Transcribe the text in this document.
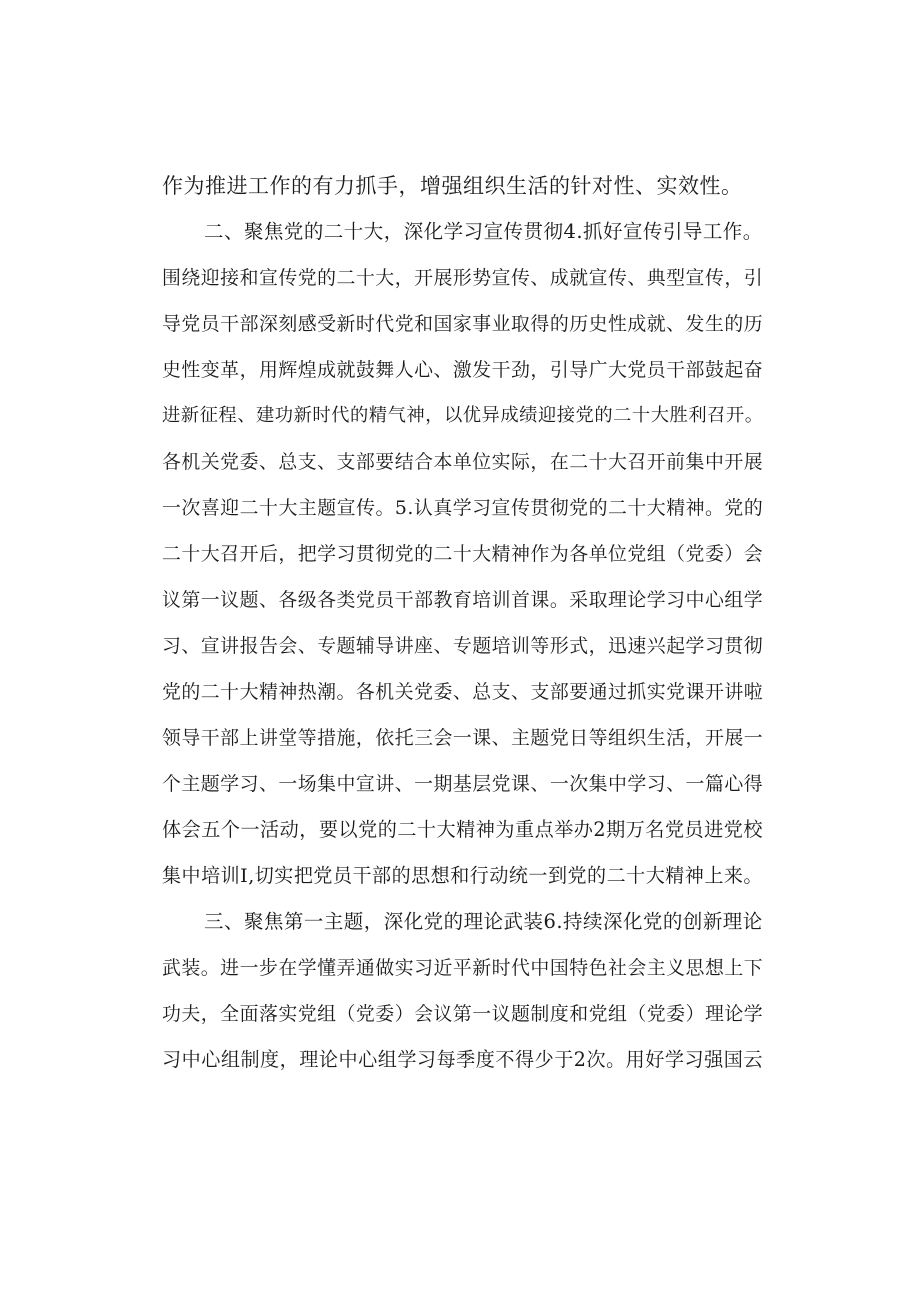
作为推进工作的有力抓手，增强组织生活的针对性、实效性。
二、聚焦党的二十大，深化学习宣传贯彻4.抓好宣传引导工作。
围绕迎接和宣传党的二十大，开展形势宣传、成就宣传、典型宣传，引
导党员干部深刻感受新时代党和国家事业取得的历史性成就、发生的历
史性变革，用辉煌成就鼓舞人心、激发干劲，引导广大党员干部鼓起奋
进新征程、建功新时代的精气神，以优异成绩迎接党的二十大胜利召开。
各机关党委、总支、支部要结合本单位实际，在二十大召开前集中开展
一次喜迎二十大主题宣传。5.认真学习宣传贯彻党的二十大精神。党的
二十大召开后，把学习贯彻党的二十大精神作为各单位党组（党委）会
议第一议题、各级各类党员干部教育培训首课。采取理论学习中心组学
习、宣讲报告会、专题辅导讲座、专题培训等形式，迅速兴起学习贯彻
党的二十大精神热潮。各机关党委、总支、支部要通过抓实党课开讲啦
领导干部上讲堂等措施，依托三会一课、主题党日等组织生活，开展一
个主题学习、一场集中宣讲、一期基层党课、一次集中学习、一篇心得
体会五个一活动，要以党的二十大精神为重点举办2期万名党员进党校
集中培训I,切实把党员干部的思想和行动统一到党的二十大精神上来。
三、聚焦第一主题，深化党的理论武装6.持续深化党的创新理论
武装。进一步在学懂弄通做实习近平新时代中国特色社会主义思想上下
功夫，全面落实党组（党委）会议第一议题制度和党组（党委）理论学
习中心组制度，理论中心组学习每季度不得少于2次。用好学习强国云
